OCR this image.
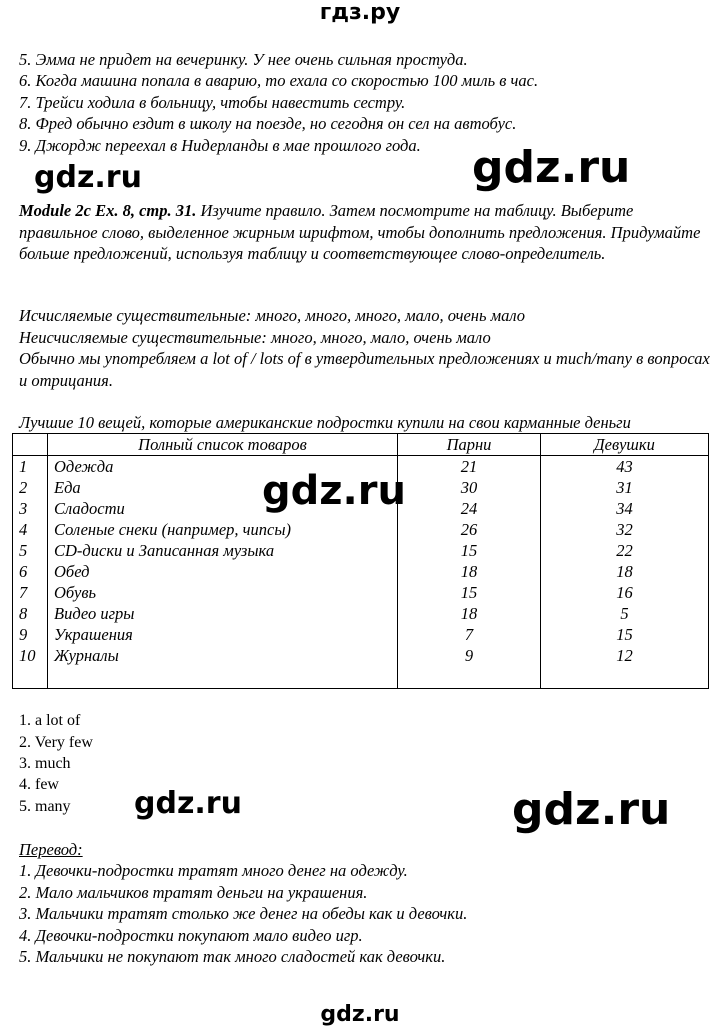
гдз.ру
5. Эмма не придет на вечеринку. У нее очень сильная простуда.
6. Когда машина попала в аварию, то ехала со скоростью 100 миль в час.
7. Трейси ходила в больницу, чтобы навестить сестру.
8. Фред обычно ездит в школу на поезде, но сегодня он сел на автобус.
9. Джордж переехал в Нидерланды в мае прошлого года.
gdz.ru	gdz.ru
Module 2c Ex. 8, стр. 31. Изучите правило. Затем посмотрите на таблицу. Выберите правильное слово, выделенное жирным шрифтом, чтобы дополнить предложения. Придумайте больше предложений, используя таблицу и соответствующее слово-определитель.
Исчисляемые существительные: много, много, много, мало, очень мало
Неисчисляемые существительные: много, много, мало, очень мало
Обычно мы употребляем a lot of / lots of в утвердительных предложениях и much/many в вопросах и отрицания.
Лучшие 10 вещей, которые американские подростки купили на свои карманные деньги
	Полный список товаров	Парни	Девушки
1	Одежда	21	43
2	Еда	30	31
3	Сладости	24	34
4	Соленые снеки (например, чипсы)	26	32
5	CD-диски и Записанная музыка	15	22
6	Обед	18	18
7	Обувь	15	16
8	Видео игры	18	5
9	Украшения	7	15
10	Журналы	9	12

gdz.ru
1. a lot of
2. Very few
3. much
4. few
5. many gdz.ru	gdz.ru
Перевод:
1. Девочки-подростки тратят много денег на одежду.
2. Мало мальчиков тратят деньги на украшения.
3. Мальчики тратят столько же денег на обеды как и девочки.
4. Девочки-подростки покупают мало видео игр.
5. Мальчики не покупают так много сладостей как девочки.
gdz.ru
